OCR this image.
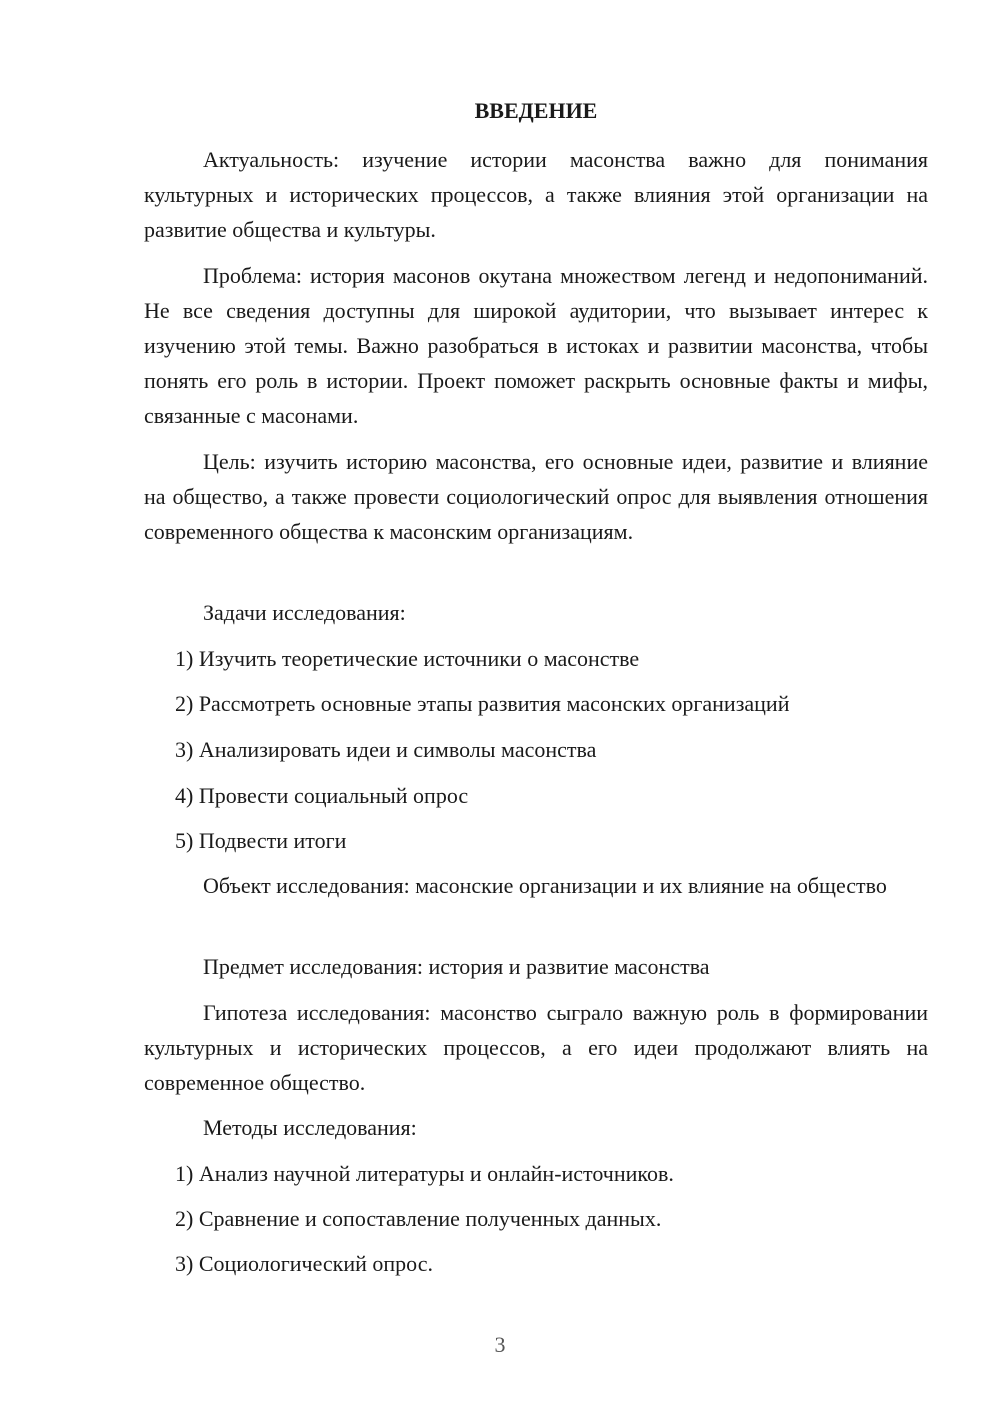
ВВЕДЕНИЕ

Актуальность: изучение истории масонства важно для понимания культурных и исторических процессов, а также влияния этой организации на развитие общества и культуры.

Проблема: история масонов окутана множеством легенд и недопониманий. Не все сведения доступны для широкой аудитории, что вызывает интерес к изучению этой темы. Важно разобраться в истоках и развитии масонства, чтобы понять его роль в истории. Проект поможет раскрыть основные факты и мифы, связанные с масонами.

Цель: изучить историю масонства, его основные идеи, развитие и влияние на общество, а также провести социологический опрос для выявления отношения современного общества к масонским организациям.

Задачи исследования:

1) Изучить теоретические источники о масонстве

2) Рассмотреть основные этапы развития масонских организаций

3) Анализировать идеи и символы масонства

4) Провести социальный опрос

5) Подвести итоги

Объект исследования: масонские организации и их влияние на общество

Предмет исследования: история и развитие масонства

Гипотеза исследования: масонство сыграло важную роль в формировании культурных и исторических процессов, а его идеи продолжают влиять на современное общество.

Методы исследования:

1) Анализ научной литературы и онлайн-источников.

2) Сравнение и сопоставление полученных данных.

3) Социологический опрос.

3
